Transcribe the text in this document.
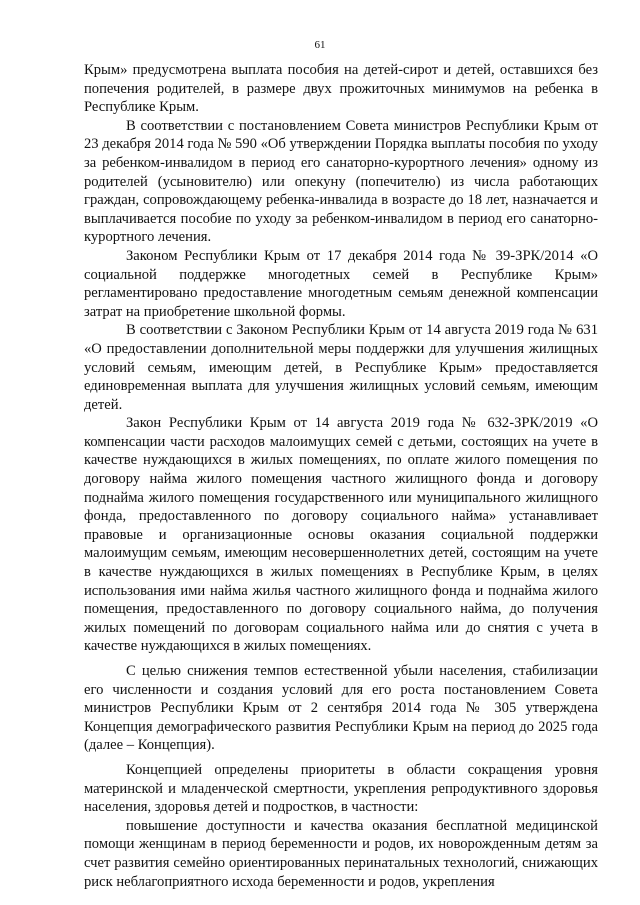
61

Крым» предусмотрена выплата пособия на детей-сирот и детей, оставшихся без попечения родителей, в размере двух прожиточных минимумов на ребенка в Республике Крым.

В соответствии с постановлением Совета министров Республики Крым от 23 декабря 2014 года № 590 «Об утверждении Порядка выплаты пособия по уходу за ребенком-инвалидом в период его санаторно-курортного лечения» одному из родителей (усыновителю) или опекуну (попечителю) из числа работающих граждан, сопровождающему ребенка-инвалида в возрасте до 18 лет, назначается и выплачивается пособие по уходу за ребенком-инвалидом в период его санаторно-курортного лечения.

Законом Республики Крым от 17 декабря 2014 года № 39-ЗРК/2014 «О социальной поддержке многодетных семей в Республике Крым» регламентировано предоставление многодетным семьям денежной компенсации затрат на приобретение школьной формы.

В соответствии с Законом Республики Крым от 14 августа 2019 года № 631 «О предоставлении дополнительной меры поддержки для улучшения жилищных условий семьям, имеющим детей, в Республике Крым» предоставляется единовременная выплата для улучшения жилищных условий семьям, имеющим детей.

Закон Республики Крым от 14 августа 2019 года № 632-ЗРК/2019 «О компенсации части расходов малоимущих семей с детьми, состоящих на учете в качестве нуждающихся в жилых помещениях, по оплате жилого помещения по договору найма жилого помещения частного жилищного фонда и договору поднайма жилого помещения государственного или муниципального жилищного фонда, предоставленного по договору социального найма» устанавливает правовые и организационные основы оказания социальной поддержки малоимущим семьям, имеющим несовершеннолетних детей, состоящим на учете в качестве нуждающихся в жилых помещениях в Республике Крым, в целях использования ими найма жилья частного жилищного фонда и поднайма жилого помещения, предоставленного по договору социального найма, до получения жилых помещений по договорам социального найма или до снятия с учета в качестве нуждающихся в жилых помещениях.

С целью снижения темпов естественной убыли населения, стабилизации его численности и создания условий для его роста постановлением Совета министров Республики Крым от 2 сентября 2014 года № 305 утверждена Концепция демографического развития Республики Крым на период до 2025 года (далее – Концепция).

Концепцией определены приоритеты в области сокращения уровня материнской и младенческой смертности, укрепления репродуктивного здоровья населения, здоровья детей и подростков, в частности:

повышение доступности и качества оказания бесплатной медицинской помощи женщинам в период беременности и родов, их новорожденным детям за счет развития семейно ориентированных перинатальных технологий, снижающих риск неблагоприятного исхода беременности и родов, укрепления
